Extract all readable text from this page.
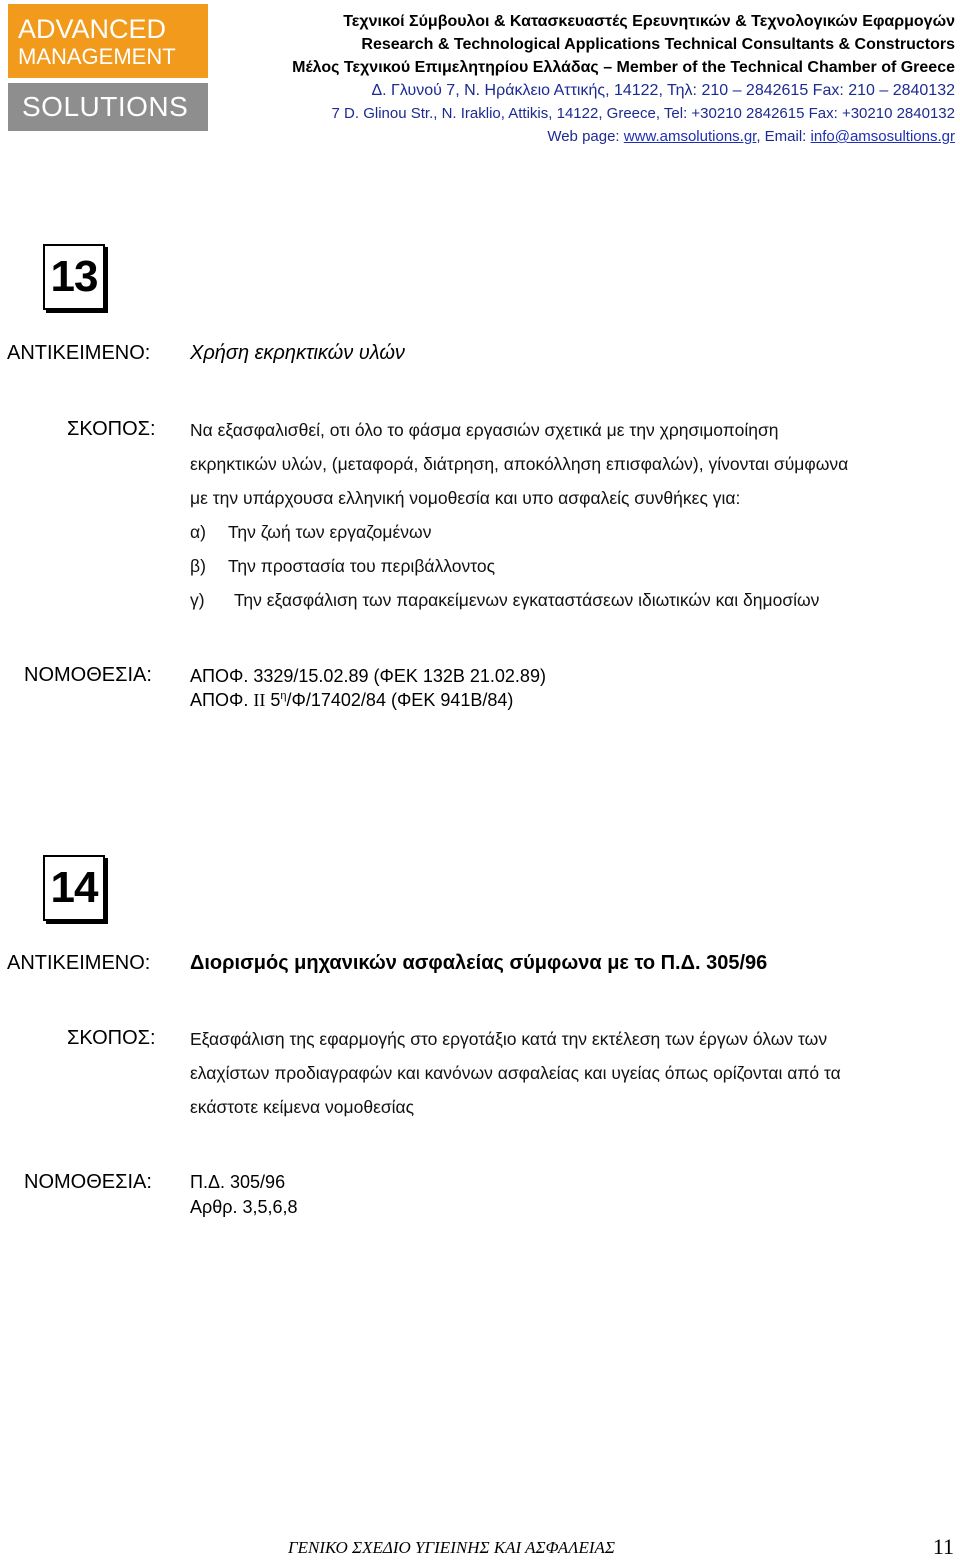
ADVANCED
MANAGEMENT
SOLUTIONS
Τεχνικοί Σύμβουλοι & Κατασκευαστές Ερευνητικών & Τεχνολογικών Εφαρμογών
Research & Technological Applications Technical Consultants & Constructors
Μέλος Τεχνικού Επιμελητηρίου Ελλάδας – Member of the Technical Chamber of Greece
Δ. Γλυνού 7, Ν. Ηράκλειο Αττικής, 14122, Τηλ: 210 – 2842615 Fax: 210 – 2840132
7 D. Glinou Str., N. Iraklio, Attikis, 14122, Greece, Tel: +30210 2842615 Fax: +30210 2840132
Web page: www.amsolutions.gr, Email: info@amsosultions.gr
13
ΑΝΤΙΚΕΙΜΕΝΟ: Χρήση εκρηκτικών υλών
ΣΚΟΠΟΣ: Να εξασφαλισθεί, οτι όλο το φάσμα εργασιών σχετικά με την χρησιμοποίηση
εκρηκτικών υλών, (μεταφορά, διάτρηση, αποκόλληση επισφαλών), γίνονται σύμφωνα
με την υπάρχουσα ελληνική νομοθεσία και υπο ασφαλείς συνθήκες για:
α) Την ζωή των εργαζομένων
β) Την προστασία του περιβάλλοντος
γ) Την εξασφάλιση των παρακείμενων εγκαταστάσεων ιδιωτικών και δημοσίων
ΝΟΜΟΘΕΣΙΑ: ΑΠΟΦ. 3329/15.02.89 (ΦΕΚ 132Β 21.02.89)
ΑΠΟΦ. ΙΙ $5^\eta/\Phi/17402/84$ (ΦΕΚ 941Β/84)
14
ΑΝΤΙΚΕΙΜΕΝΟ: Διορισμός μηχανικών ασφαλείας σύμφωνα με το Π.Δ. 305/96
ΣΚΟΠΟΣ: Εξασφάλιση της εφαρμογής στο εργοτάξιο κατά την εκτέλεση των έργων όλων των
ελαχίστων προδιαγραφών και κανόνων ασφαλείας και υγείας όπως ορίζονται από τα
εκάστοτε κείμενα νομοθεσίας
ΝΟΜΟΘΕΣΙΑ: Π.Δ. 305/96
Αρθρ. 3,5,6,8
ΓΕΝΙΚΟ ΣΧΕΔΙΟ ΥΓΙΕΙΝΗΣ ΚΑΙ ΑΣΦΑΛΕΙΑΣ	11
